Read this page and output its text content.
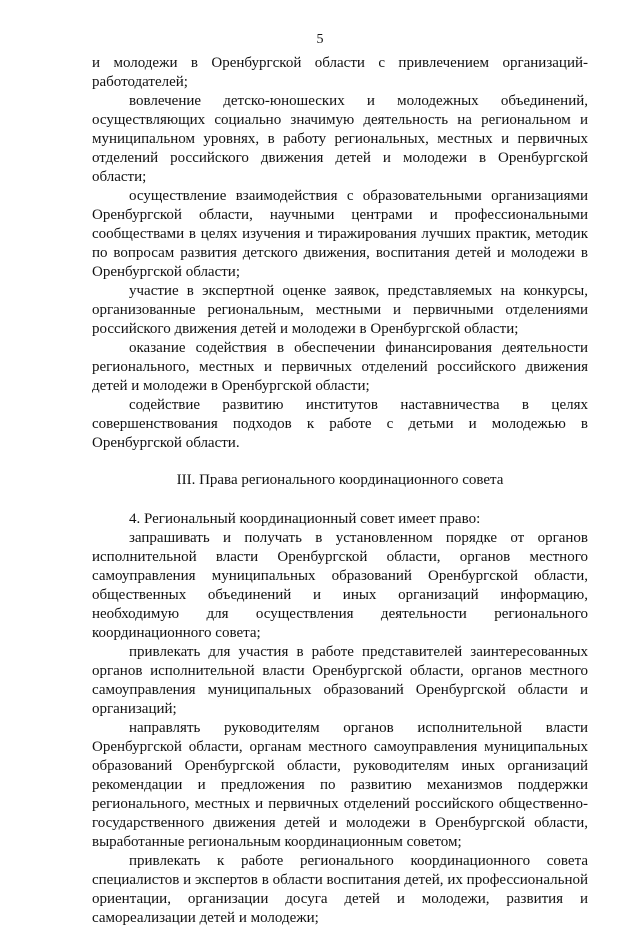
5

и молодежи в Оренбургской области с привлечением организаций-работодателей;

вовлечение детско-юношеских и молодежных объединений, осуществляющих социально значимую деятельность на региональном и муниципальном уровнях, в работу региональных, местных и первичных отделений российского движения детей и молодежи в Оренбургской области;

осуществление взаимодействия с образовательными организациями Оренбургской области, научными центрами и профессиональными сообществами в целях изучения и тиражирования лучших практик, методик по вопросам развития детского движения, воспитания детей и молодежи в Оренбургской области;

участие в экспертной оценке заявок, представляемых на конкурсы, организованные региональным, местными и первичными отделениями российского движения детей и молодежи в Оренбургской области;

оказание содействия в обеспечении финансирования деятельности регионального, местных и первичных отделений российского движения детей и молодежи в Оренбургской области;

содействие развитию институтов наставничества в целях совершенствования подходов к работе с детьми и молодежью в Оренбургской области.

III. Права регионального координационного совета

4. Региональный координационный совет имеет право:

запрашивать и получать в установленном порядке от органов исполнительной власти Оренбургской области, органов местного самоуправления муниципальных образований Оренбургской области, общественных объединений и иных организаций информацию, необходимую для осуществления деятельности регионального координационного совета;

привлекать для участия в работе представителей заинтересованных органов исполнительной власти Оренбургской области, органов местного самоуправления муниципальных образований Оренбургской области и организаций;

направлять руководителям органов исполнительной власти Оренбургской области, органам местного самоуправления муниципальных образований Оренбургской области, руководителям иных организаций рекомендации и предложения по развитию механизмов поддержки регионального, местных и первичных отделений российского общественно-государственного движения детей и молодежи в Оренбургской области, выработанные региональным координационным советом;

привлекать к работе регионального координационного совета специалистов и экспертов в области воспитания детей, их профессиональной ориентации, организации досуга детей и молодежи, развития и самореализации детей и молодежи;
